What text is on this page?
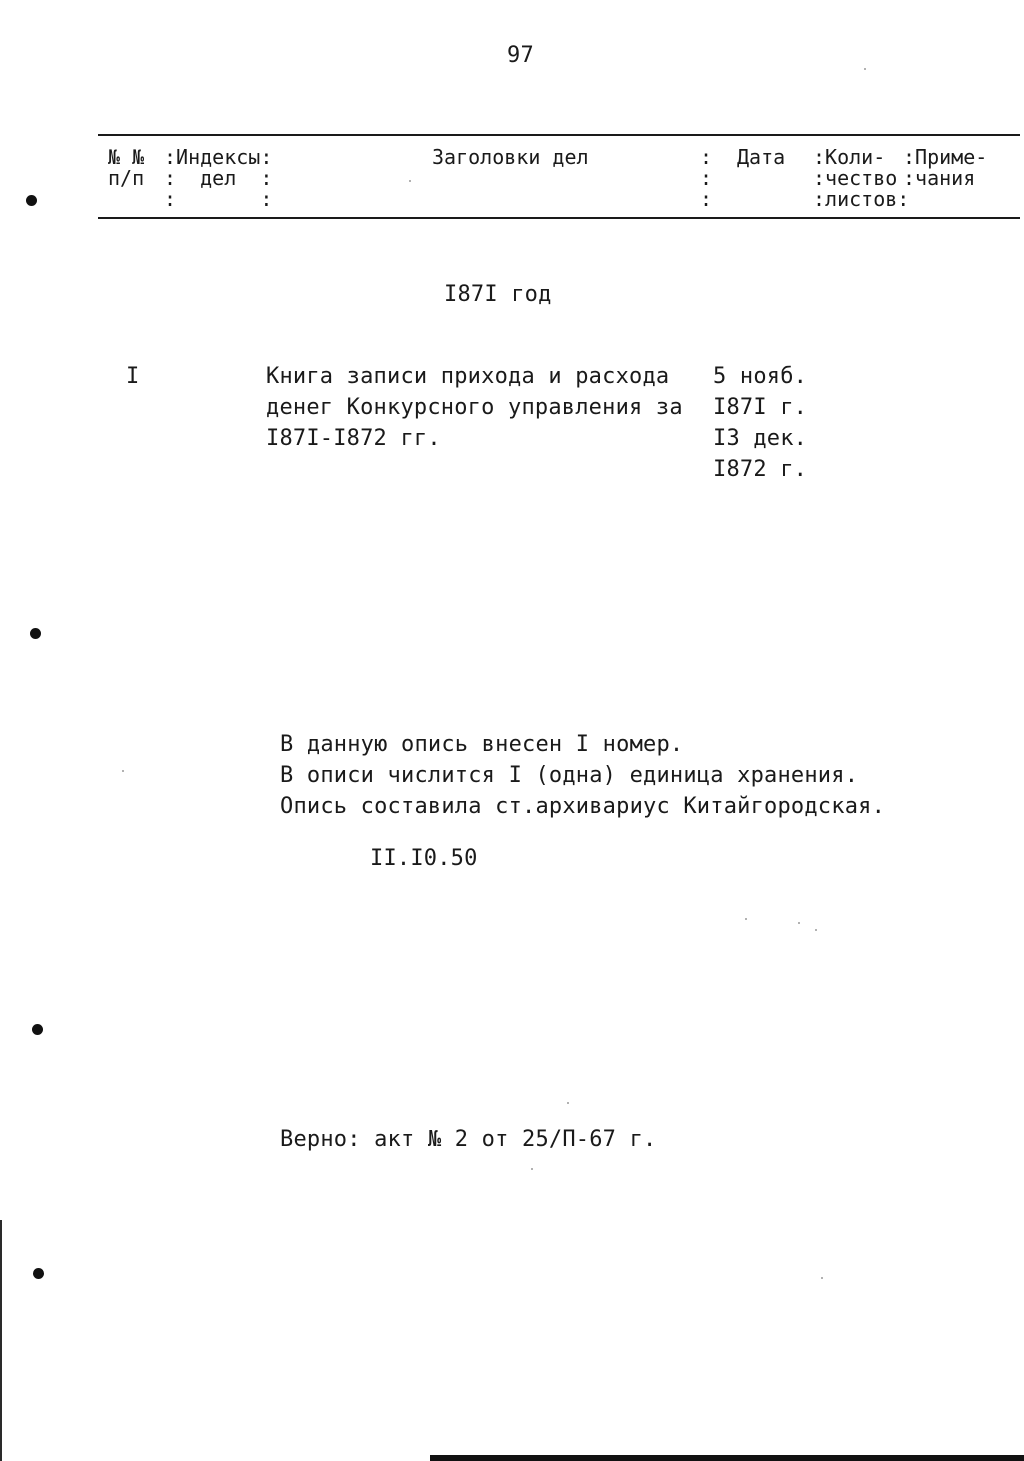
97
№ №
п/п
:Индексы:
:  дел  :
:       :
Заголовки дел	:
:
:
Дата :Коли-
:чество
:листов:
:Приме-
:чания
I87I год
I	Книга записи прихода и расхода
денег Конкурсного управления за
I87I-I872 гг.
5 нояб.
I87I г.
I3 дек.
I872 г.
В данную опись внесен I номер.
В описи числится I (одна) единица хранения.
Опись составила ст.архивариус Китайгородская.
II.I0.50
Верно: акт № 2 от 25/П-67 г.
